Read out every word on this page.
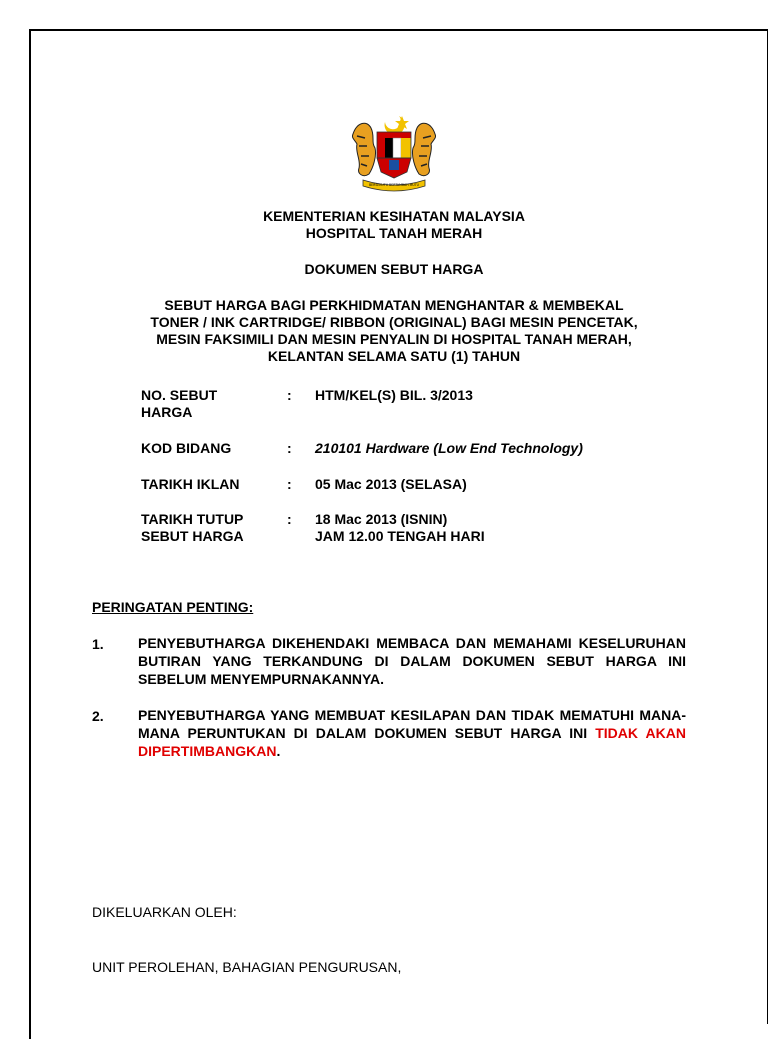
BERSEKUTU BERTAMBAH MUTU
KEMENTERIAN KESIHATAN MALAYSIA
HOSPITAL TANAH MERAH
DOKUMEN SEBUT HARGA
SEBUT HARGA BAGI PERKHIDMATAN MENGHANTAR & MEMBEKAL
TONER / INK CARTRIDGE/ RIBBON (ORIGINAL) BAGI MESIN PENCETAK,
MESIN FAKSIMILI DAN MESIN PENYALIN DI HOSPITAL TANAH MERAH,
KELANTAN SELAMA SATU (1) TAHUN
NO. SEBUT
HARGA
:	HTM/KEL(S) BIL. 3/2013
KOD BIDANG	:	210101 Hardware (Low End Technology)
TARIKH IKLAN	:	05 Mac 2013 (SELASA)
TARIKH TUTUP
SEBUT HARGA
:	18 Mac 2013 (ISNIN)
JAM 12.00 TENGAH HARI
PERINGATAN PENTING:
1. PENYEBUTHARGA DIKEHENDAKI MEMBACA DAN MEMAHAMI KESELURUHAN BUTIRAN YANG TERKANDUNG DI DALAM DOKUMEN SEBUT HARGA INI SEBELUM MENYEMPURNAKANNYA.
2. PENYEBUTHARGA YANG MEMBUAT KESILAPAN DAN TIDAK MEMATUHI MANA-MANA PERUNTUKAN DI DALAM DOKUMEN SEBUT HARGA INI TIDAK AKAN DIPERTIMBANGKAN.
DIKELUARKAN OLEH:
UNIT PEROLEHAN, BAHAGIAN PENGURUSAN,
